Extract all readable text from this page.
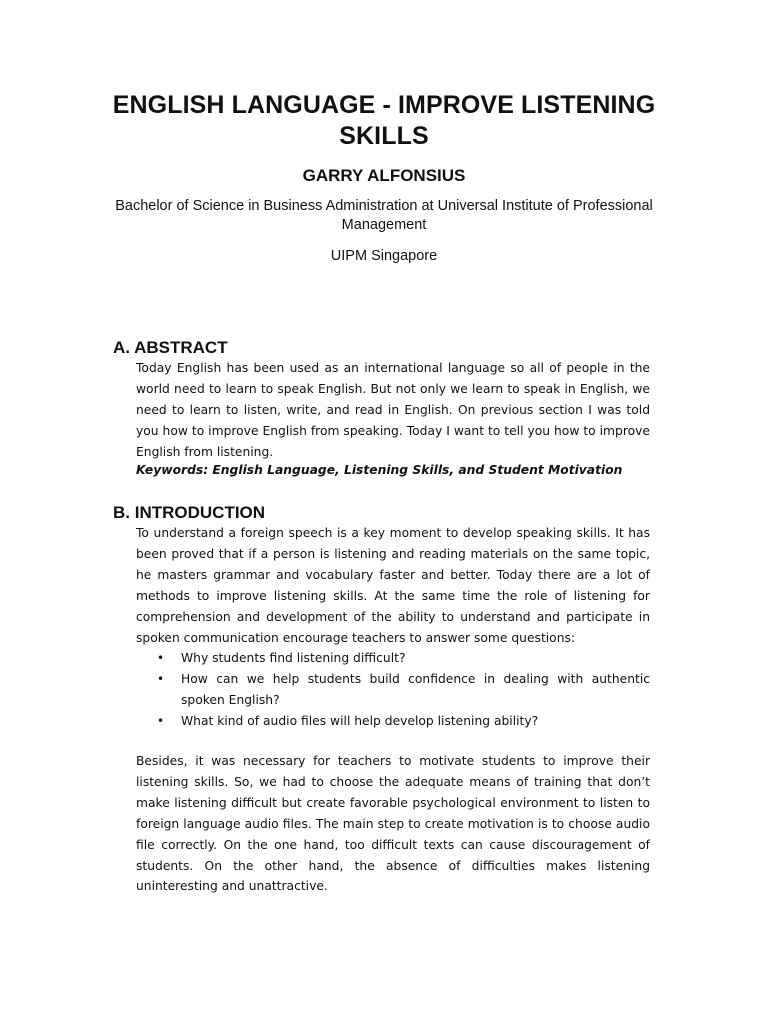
ENGLISH LANGUAGE - IMPROVE LISTENING SKILLS

GARRY ALFONSIUS

Bachelor of Science in Business Administration at Universal Institute of Professional Management

UIPM Singapore

A. ABSTRACT

Today English has been used as an international language so all of people in the world need to learn to speak English. But not only we learn to speak in English, we need to learn to listen, write, and read in English. On previous section I was told you how to improve English from speaking. Today I want to tell you how to improve English from listening.

Keywords: English Language, Listening Skills, and Student Motivation

B. INTRODUCTION

To understand a foreign speech is a key moment to develop speaking skills. It has been proved that if a person is listening and reading materials on the same topic, he masters grammar and vocabulary faster and better. Today there are a lot of methods to improve listening skills. At the same time the role of listening for comprehension and development of the ability to understand and participate in spoken communication encourage teachers to answer some questions:

• Why students find listening difficult?
• How can we help students build confidence in dealing with authentic spoken English?
• What kind of audio files will help develop listening ability?

Besides, it was necessary for teachers to motivate students to improve their listening skills. So, we had to choose the adequate means of training that don’t make listening difficult but create favorable psychological environment to listen to foreign language audio files. The main step to create motivation is to choose audio file correctly. On the one hand, too difficult texts can cause discouragement of students. On the other hand, the absence of difficulties makes listening uninteresting and unattractive.
